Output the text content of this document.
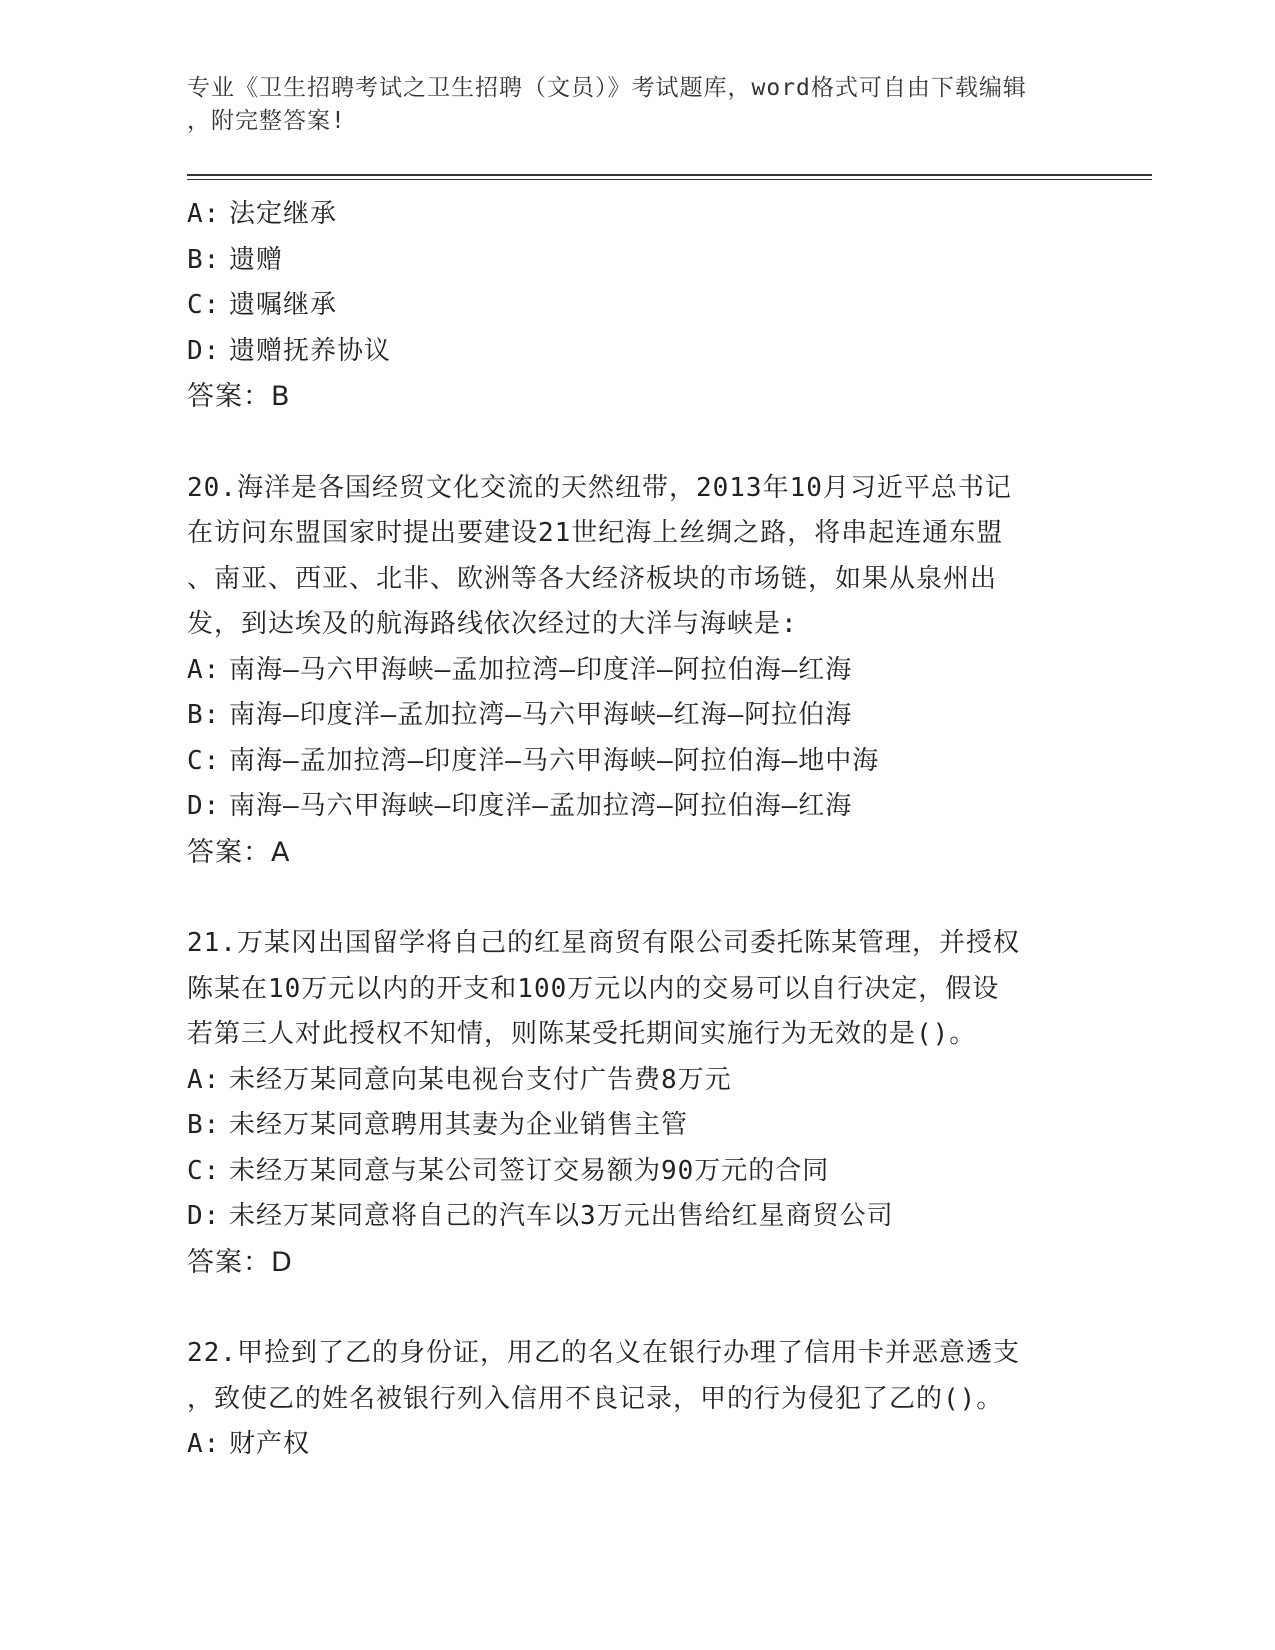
专业《卫生招聘考试之卫生招聘（文员）》考试题库，word格式可自由下载编辑
，附完整答案!
A: 法定继承
B: 遗赠
C: 遗嘱继承
D: 遗赠抚养协议
答案：B
20.海洋是各国经贸文化交流的天然纽带，2013年10月习近平总书记
在访问东盟国家时提出要建设21世纪海上丝绸之路，将串起连通东盟
、南亚、西亚、北非、欧洲等各大经济板块的市场链，如果从泉州出
发，到达埃及的航海路线依次经过的大洋与海峡是:
A: 南海—马六甲海峡—孟加拉湾—印度洋—阿拉伯海—红海
B: 南海—印度洋—孟加拉湾—马六甲海峡—红海—阿拉伯海
C: 南海—孟加拉湾—印度洋—马六甲海峡—阿拉伯海—地中海
D: 南海—马六甲海峡—印度洋—孟加拉湾—阿拉伯海—红海
答案：A
21.万某冈出国留学将自己的红星商贸有限公司委托陈某管理，并授权
陈某在10万元以内的开支和100万元以内的交易可以自行决定，假设
若第三人对此授权不知情，则陈某受托期间实施行为无效的是()。
A: 未经万某同意向某电视台支付广告费8万元
B: 未经万某同意聘用其妻为企业销售主管
C: 未经万某同意与某公司签订交易额为90万元的合同
D: 未经万某同意将自己的汽车以3万元出售给红星商贸公司
答案：D
22.甲捡到了乙的身份证，用乙的名义在银行办理了信用卡并恶意透支
，致使乙的姓名被银行列入信用不良记录，甲的行为侵犯了乙的()。
A: 财产权
